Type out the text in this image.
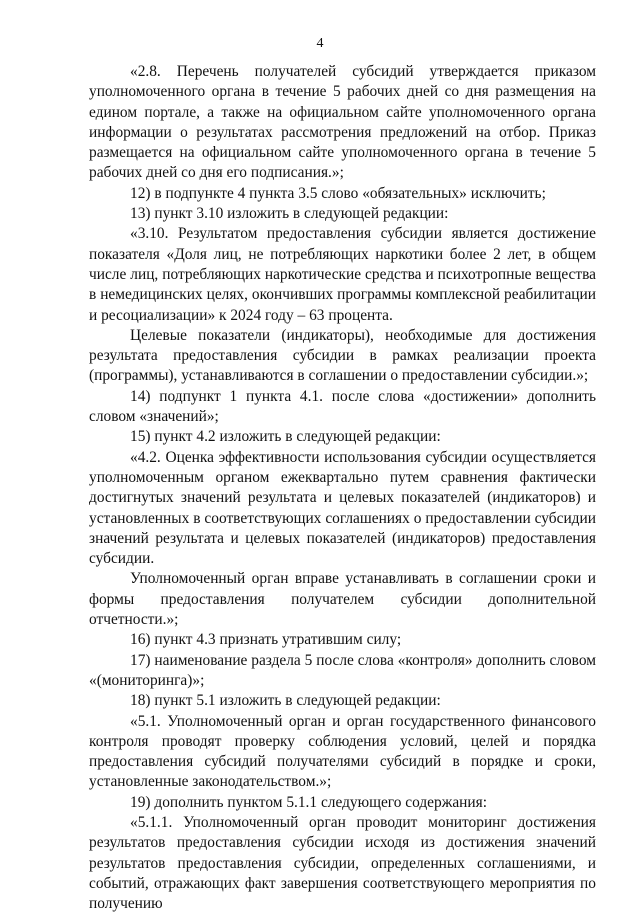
4

«2.8. Перечень получателей субсидий утверждается приказом уполномоченного органа в течение 5 рабочих дней со дня размещения на едином портале, а также на официальном сайте уполномоченного органа информации о результатах рассмотрения предложений на отбор. Приказ размещается на официальном сайте уполномоченного органа в течение 5 рабочих дней со дня его подписания.»;

12) в подпункте 4 пункта 3.5 слово «обязательных» исключить;

13) пункт 3.10 изложить в следующей редакции:

«3.10. Результатом предоставления субсидии является достижение показателя «Доля лиц, не потребляющих наркотики более 2 лет, в общем числе лиц, потребляющих наркотические средства и психотропные вещества в немедицинских целях, окончивших программы комплексной реабилитации и ресоциализации» к 2024 году – 63 процента.

Целевые показатели (индикаторы), необходимые для достижения результата предоставления субсидии в рамках реализации проекта (программы), устанавливаются в соглашении о предоставлении субсидии.»;

14) подпункт 1 пункта 4.1. после слова «достижении» дополнить словом «значений»;

15) пункт 4.2 изложить в следующей редакции:

«4.2. Оценка эффективности использования субсидии осуществляется уполномоченным органом ежеквартально путем сравнения фактически достигнутых значений результата и целевых показателей (индикаторов) и установленных в соответствующих соглашениях о предоставлении субсидии значений результата и целевых показателей (индикаторов) предоставления субсидии.

Уполномоченный орган вправе устанавливать в соглашении сроки и формы предоставления получателем субсидии дополнительной отчетности.»;

16) пункт 4.3 признать утратившим силу;

17) наименование раздела 5 после слова «контроля» дополнить словом «(мониторинга)»;

18) пункт 5.1 изложить в следующей редакции:

«5.1. Уполномоченный орган и орган государственного финансового контроля проводят проверку соблюдения условий, целей и порядка предоставления субсидий получателями субсидий в порядке и сроки, установленные законодательством.»;

19) дополнить пунктом 5.1.1 следующего содержания:

«5.1.1. Уполномоченный орган проводит мониторинг достижения результатов предоставления субсидии исходя из достижения значений результатов предоставления субсидии, определенных соглашениями, и событий, отражающих факт завершения соответствующего мероприятия по получению
